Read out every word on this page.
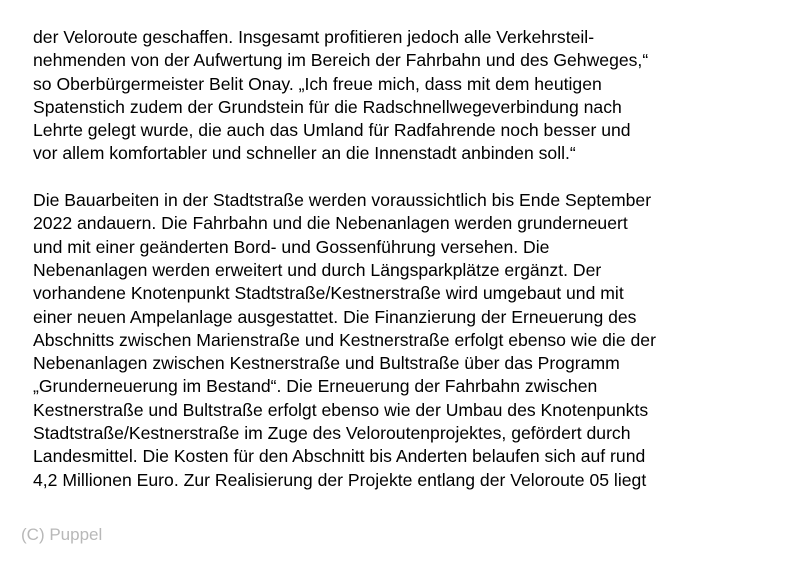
der Veloroute geschaffen. Insgesamt profitieren jedoch alle Verkehrsteil-
nehmenden von der Aufwertung im Bereich der Fahrbahn und des Gehweges,“
so Oberbürgermeister Belit Onay. „Ich freue mich, dass mit dem heutigen
Spatenstich zudem der Grundstein für die Radschnellwegeverbindung nach
Lehrte gelegt wurde, die auch das Umland für Radfahrende noch besser und
vor allem komfortabler und schneller an die Innenstadt anbinden soll.“

Die Bauarbeiten in der Stadtstraße werden voraussichtlich bis Ende September
2022 andauern. Die Fahrbahn und die Nebenanlagen werden grunderneuert
und mit einer geänderten Bord- und Gossenführung versehen. Die
Nebenanlagen werden erweitert und durch Längsparkplätze ergänzt. Der
vorhandene Knotenpunkt Stadtstraße/Kestnerstraße wird umgebaut und mit
einer neuen Ampelanlage ausgestattet. Die Finanzierung der Erneuerung des
Abschnitts zwischen Marienstraße und Kestnerstraße erfolgt ebenso wie die der
Nebenanlagen zwischen Kestnerstraße und Bultstraße über das Programm
„Grunderneuerung im Bestand“. Die Erneuerung der Fahrbahn zwischen
Kestnerstraße und Bultstraße erfolgt ebenso wie der Umbau des Knotenpunkts
Stadtstraße/Kestnerstraße im Zuge des Veloroutenprojektes, gefördert durch
Landesmittel. Die Kosten für den Abschnitt bis Anderten belaufen sich auf rund
4,2 Millionen Euro. Zur Realisierung der Projekte entlang der Veloroute 05 liegt

(C) Puppel
